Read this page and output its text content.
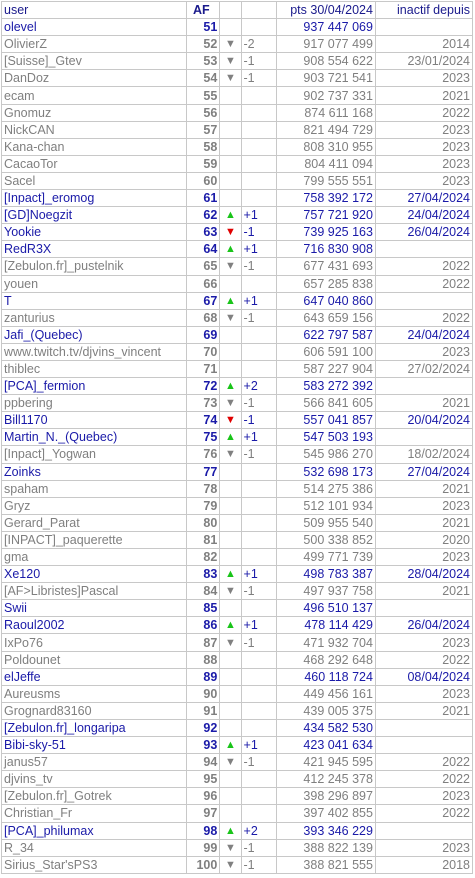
user	AF			pts 30/04/2024	inactif depuis
olevel	51			937 447 069	
OlivierZ	52	▼	-2	917 077 499	2014
[Suisse]_Gtev	53	▼	-1	908 554 622	23/01/2024
DanDoz	54	▼	-1	903 721 541	2023
ecam	55			902 737 331	2021
Gnomuz	56			874 611 168	2022
NickCAN	57			821 494 729	2023
Kana-chan	58			808 310 955	2023
CacaoTor	59			804 411 094	2023
Sacel	60			799 555 551	2023
[Inpact]_eromog	61			758 392 172	27/04/2024
[GD]Noegzit	62	▲	+1	757 721 920	24/04/2024
Yookie	63	▼	-1	739 925 163	26/04/2024
RedR3X	64	▲	+1	716 830 908	
[Zebulon.fr]_pustelnik	65	▼	-1	677 431 693	2022
youen	66			657 285 838	2022
T	67	▲	+1	647 040 860	
zanturius	68	▼	-1	643 659 156	2022
Jafi_(Quebec)	69			622 797 587	24/04/2024
www.twitch.tv/djvins_vincent	70			606 591 100	2023
thiblec	71			587 227 904	27/02/2024
[PCA]_fermion	72	▲	+2	583 272 392	
ppbering	73	▼	-1	566 841 605	2021
Bill1170	74	▼	-1	557 041 857	20/04/2024
Martin_N._(Quebec)	75	▲	+1	547 503 193	
[Inpact]_Yogwan	76	▼	-1	545 986 270	18/02/2024
Zoinks	77			532 698 173	27/04/2024
spaham	78			514 275 386	2021
Gryz	79			512 101 934	2023
Gerard_Parat	80			509 955 540	2021
[INPACT]_paquerette	81			500 338 852	2020
gma	82			499 771 739	2023
Xe120	83	▲	+1	498 783 387	28/04/2024
[AF>Libristes]Pascal	84	▼	-1	497 937 758	2021
Swii	85			496 510 137	
Raoul2002	86	▲	+1	478 114 429	26/04/2024
IxPo76	87	▼	-1	471 932 704	2023
Poldounet	88			468 292 648	2022
elJeffe	89			460 118 724	08/04/2024
Aureusms	90			449 456 161	2023
Grognard83160	91			439 005 375	2021
[Zebulon.fr]_longaripa	92			434 582 530	
Bibi-sky-51	93	▲	+1	423 041 634	
janus57	94	▼	-1	421 945 595	2022
djvins_tv	95			412 245 378	2022
[Zebulon.fr]_Gotrek	96			398 296 897	2023
Christian_Fr	97			397 402 855	2022
[PCA]_philumax	98	▲	+2	393 346 229	
R_34	99	▼	-1	388 822 139	2023
Sirius_Star'sPS3	100	▼	-1	388 821 555	2018
